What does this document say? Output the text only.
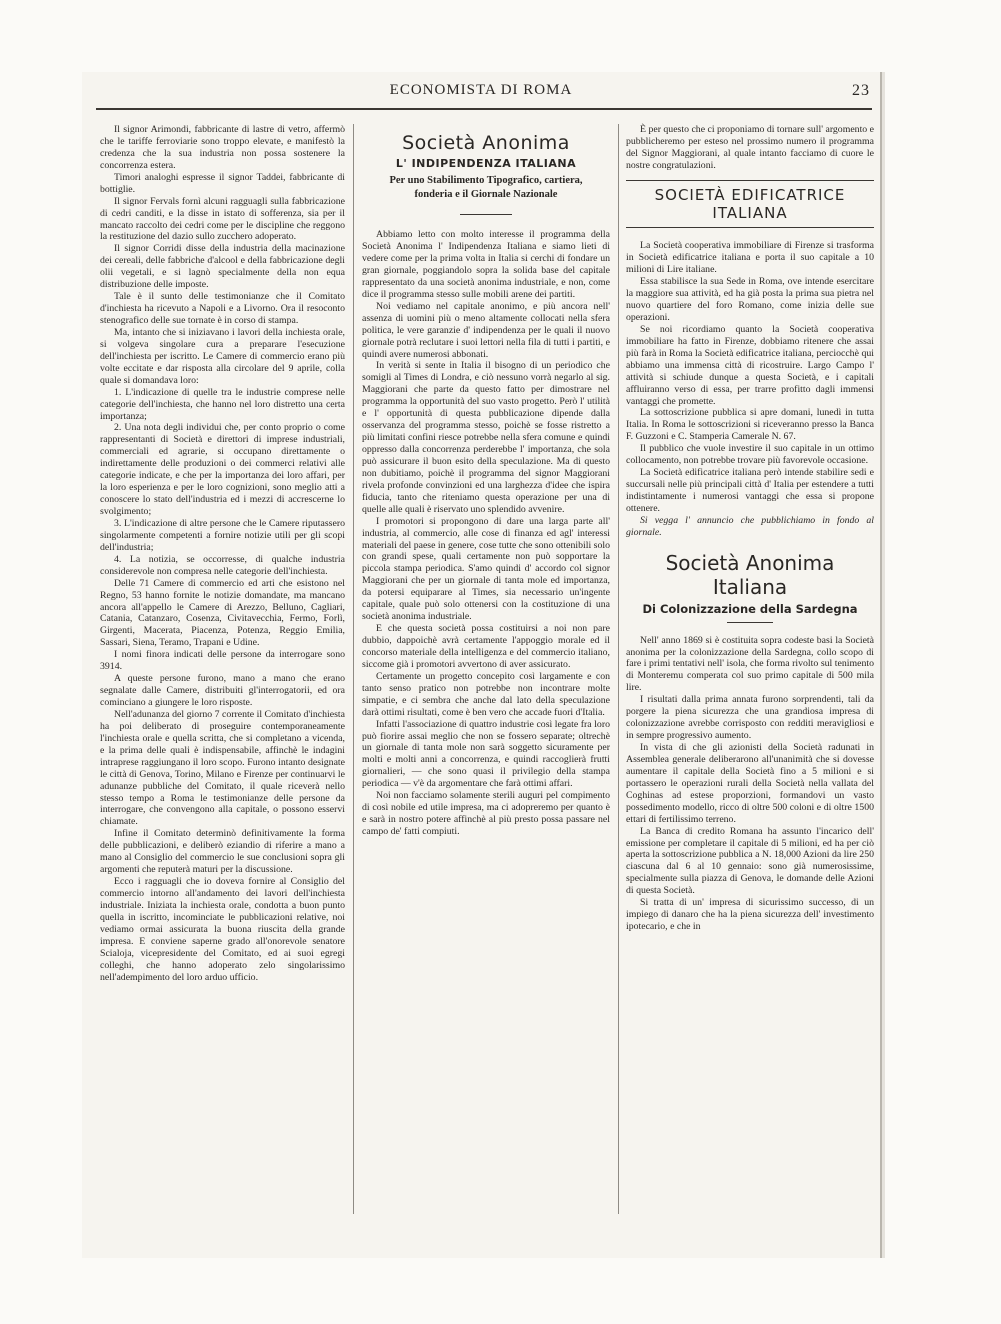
ECONOMISTA DI ROMA	23

Il signor Arimondi, fabbricante di lastre di vetro, affermò che le tariffe ferroviarie sono troppo elevate, e manifestò la credenza che la sua industria non possa sostenere la concorrenza estera.

Timori analoghi espresse il signor Taddei, fabbricante di bottiglie.

Il signor Fervals fornì alcuni ragguagli sulla fabbricazione di cedri canditi, e la disse in istato di sofferenza, sia per il mancato raccolto dei cedri come per le discipline che reggono la restituzione del dazio sullo zucchero adoperato.

Il signor Corridi disse della industria della macinazione dei cereali, delle fabbriche d'alcool e della fabbricazione degli olii vegetali, e si lagnò specialmente della non equa distribuzione delle imposte.

Tale è il sunto delle testimonianze che il Comitato d'inchiesta ha ricevuto a Napoli e a Livorno. Ora il resoconto stenografico delle sue tornate è in corso di stampa.

Ma, intanto che si iniziavano i lavori della inchiesta orale, si volgeva singolare cura a preparare l'esecuzione dell'inchiesta per iscritto. Le Camere di commercio erano più volte eccitate e dar risposta alla circolare del 9 aprile, colla quale si domandava loro:

1. L'indicazione di quelle tra le industrie comprese nelle categorie dell'inchiesta, che hanno nel loro distretto una certa importanza;

2. Una nota degli individui che, per conto proprio o come rappresentanti di Società e direttori di imprese industriali, commerciali ed agrarie, si occupano direttamente o indirettamente delle produzioni o dei commerci relativi alle categorie indicate, e che per la importanza dei loro affari, per la loro esperienza e per le loro cognizioni, sono meglio atti a conoscere lo stato dell'industria ed i mezzi di accrescerne lo svolgimento;

3. L'indicazione di altre persone che le Camere riputassero singolarmente competenti a fornire notizie utili per gli scopi dell'industria;

4. La notizia, se occorresse, di qualche industria considerevole non compresa nelle categorie dell'inchiesta.

Delle 71 Camere di commercio ed arti che esistono nel Regno, 53 hanno fornite le notizie domandate, ma mancano ancora all'appello le Camere di Arezzo, Belluno, Cagliari, Catania, Catanzaro, Cosenza, Civitavecchia, Fermo, Forlì, Girgenti, Macerata, Piacenza, Potenza, Reggio Emilia, Sassari, Siena, Teramo, Trapani e Udine.

I nomi finora indicati delle persone da interrogare sono 3914.

A queste persone furono, mano a mano che erano segnalate dalle Camere, distribuiti gl'interrogatorii, ed ora cominciano a giungere le loro risposte.

Nell'adunanza del giorno 7 corrente il Comitato d'inchiesta ha poi deliberato di proseguire contemporaneamente l'inchiesta orale e quella scritta, che si completano a vicenda, e la prima delle quali è indispensabile, affinchè le indagini intraprese raggiungano il loro scopo. Furono intanto designate le città di Genova, Torino, Milano e Firenze per continuarvi le adunanze pubbliche del Comitato, il quale riceverà nello stesso tempo a Roma le testimonianze delle persone da interrogare, che convengono alla capitale, o possono esservi chiamate.

Infine il Comitato determinò definitivamente la forma delle pubblicazioni, e deliberò eziandio di riferire a mano a mano al Consiglio del commercio le sue conclusioni sopra gli argomenti che reputerà maturi per la discussione.

Ecco i ragguagli che io doveva fornire al Consiglio del commercio intorno all'andamento dei lavori dell'inchiesta industriale. Iniziata la inchiesta orale, condotta a buon punto quella in iscritto, incominciate le pubblicazioni relative, noi vediamo ormai assicurata la buona riuscita della grande impresa. E conviene saperne grado all'onorevole senatore Scialoja, vicepresidente del Comitato, ed ai suoi egregi colleghi, che hanno adoperato zelo singolarissimo nell'adempimento del loro arduo ufficio.

Società Anonima
L' INDIPENDENZA ITALIANA
Per uno Stabilimento Tipografico, cartiera,
fonderia e il Giornale Nazionale

Abbiamo letto con molto interesse il programma della Società Anonima l' Indipendenza Italiana e siamo lieti di vedere come per la prima volta in Italia si cerchi di fondare un gran giornale, poggiandolo sopra la solida base del capitale rappresentato da una società anonima industriale, e non, come dice il programma stesso sulle mobili arene dei partiti.

Noi vediamo nel capitale anonimo, e più ancora nell' assenza di uomini più o meno altamente collocati nella sfera politica, le vere garanzie d' indipendenza per le quali il nuovo giornale potrà reclutare i suoi lettori nella fila di tutti i partiti, e quindi avere numerosi abbonati.

In verità si sente in Italia il bisogno di un periodico che somigli al Times di Londra, e ciò nessuno vorrà negarlo al sig. Maggiorani che parte da questo fatto per dimostrare nel programma la opportunità del suo vasto progetto. Però l' utilità e l' opportunità di questa pubblicazione dipende dalla osservanza del programma stesso, poichè se fosse ristretto a più limitati confini riesce potrebbe nella sfera comune e quindi oppresso dalla concorrenza perderebbe l' importanza, che sola può assicurare il buon esito della speculazione. Ma di questo non dubitiamo, poichè il programma del signor Maggiorani rivela profonde convinzioni ed una larghezza d'idee che ispira fiducia, tanto che riteniamo questa operazione per una di quelle alle quali è riservato uno splendido avvenire.

I promotori si propongono di dare una larga parte all' industria, al commercio, alle cose di finanza ed agl' interessi materiali del paese in genere, cose tutte che sono ottenibili solo con grandi spese, quali certamente non può sopportare la piccola stampa periodica. S'amo quindi d' accordo col signor Maggiorani che per un giornale di tanta mole ed importanza, da potersi equiparare al Times, sia necessario un'ingente capitale, quale può solo ottenersi con la costituzione di una società anonima industriale.

E che questa società possa costituirsi a noi non pare dubbio, dappoichè avrà certamente l'appoggio morale ed il concorso materiale della intelligenza e del commercio italiano, siccome già i promotori avvertono di aver assicurato.

Certamente un progetto concepito così largamente e con tanto senso pratico non potrebbe non incontrare molte simpatie, e ci sembra che anche dal lato della speculazione darà ottimi risultati, come è ben vero che accade fuori d'Italia.

Infatti l'associazione di quattro industrie così legate fra loro può fiorire assai meglio che non se fossero separate; oltrechè un giornale di tanta mole non sarà soggetto sicuramente per molti e molti anni a concorrenza, e quindi raccoglierà frutti giornalieri, — che sono quasi il privilegio della stampa periodica — v'è da argomentare che farà ottimi affari.

Noi non facciamo solamente sterili auguri pel compimento di così nobile ed utile impresa, ma ci adopreremo per quanto è e sarà in nostro potere affinchè al più presto possa passare nel campo de' fatti compiuti.

È per questo che ci proponiamo di tornare sull' argomento e pubblicheremo per esteso nel prossimo numero il programma del Signor Maggiorani, al quale intanto facciamo di cuore le nostre congratulazioni.

SOCIETÀ EDIFICATRICE ITALIANA

La Società cooperativa immobiliare di Firenze si trasforma in Società edificatrice italiana e porta il suo capitale a 10 milioni di Lire italiane.

Essa stabilisce la sua Sede in Roma, ove intende esercitare la maggiore sua attività, ed ha già posta la prima sua pietra nel nuovo quartiere del foro Romano, come inizia delle sue operazioni.

Se noi ricordiamo quanto la Società cooperativa immobiliare ha fatto in Firenze, dobbiamo ritenere che assai più farà in Roma la Società edificatrice italiana, perciocchè qui abbiamo una immensa città di ricostruire. Largo Campo l' attività si schiude dunque a questa Società, e i capitali affluiranno verso di essa, per trarre profitto dagli immensi vantaggi che promette.

La sottoscrizione pubblica si apre domani, lunedì in tutta Italia. In Roma le sottoscrizioni si riceveranno presso la Banca F. Guzzoni e C. Stamperia Camerale N. 67.

Il pubblico che vuole investire il suo capitale in un ottimo collocamento, non potrebbe trovare più favorevole occasione.

La Società edificatrice italiana però intende stabilire sedi e succursali nelle più principali città d' Italia per estendere a tutti indistintamente i numerosi vantaggi che essa si propone ottenere.

Si vegga l' annuncio che pubblichiamo in fondo al giornale.

Società Anonima Italiana
Di Colonizzazione della Sardegna

Nell' anno 1869 si è costituita sopra codeste basi la Società anonima per la colonizzazione della Sardegna, collo scopo di fare i primi tentativi nell' isola, che forma rivolto sul tenimento di Monteremu comperata col suo primo capitale di 500 mila lire.

I risultati dalla prima annata furono sorprendenti, tali da porgere la piena sicurezza che una grandiosa impresa di colonizzazione avrebbe corrisposto con redditi meravigliosi e in sempre progressivo aumento.

In vista di che gli azionisti della Società radunati in Assemblea generale deliberarono all'unanimità che si dovesse aumentare il capitale della Società fino a 5 milioni e si portassero le operazioni rurali della Società nella vallata del Coghinas ad estese proporzioni, formandovi un vasto possedimento modello, ricco di oltre 500 coloni e di oltre 1500 ettari di fertilissimo terreno.

La Banca di credito Romana ha assunto l'incarico dell' emissione per completare il capitale di 5 milioni, ed ha per ciò aperta la sottoscrizione pubblica a N. 18,000 Azioni da lire 250 ciascuna dal 6 al 10 gennaio: sono già numerosissime, specialmente sulla piazza di Genova, le domande delle Azioni di questa Società.

Si tratta di un' impresa di sicurissimo successo, di un impiego di danaro che ha la piena sicurezza dell' investimento ipotecario, e che in
